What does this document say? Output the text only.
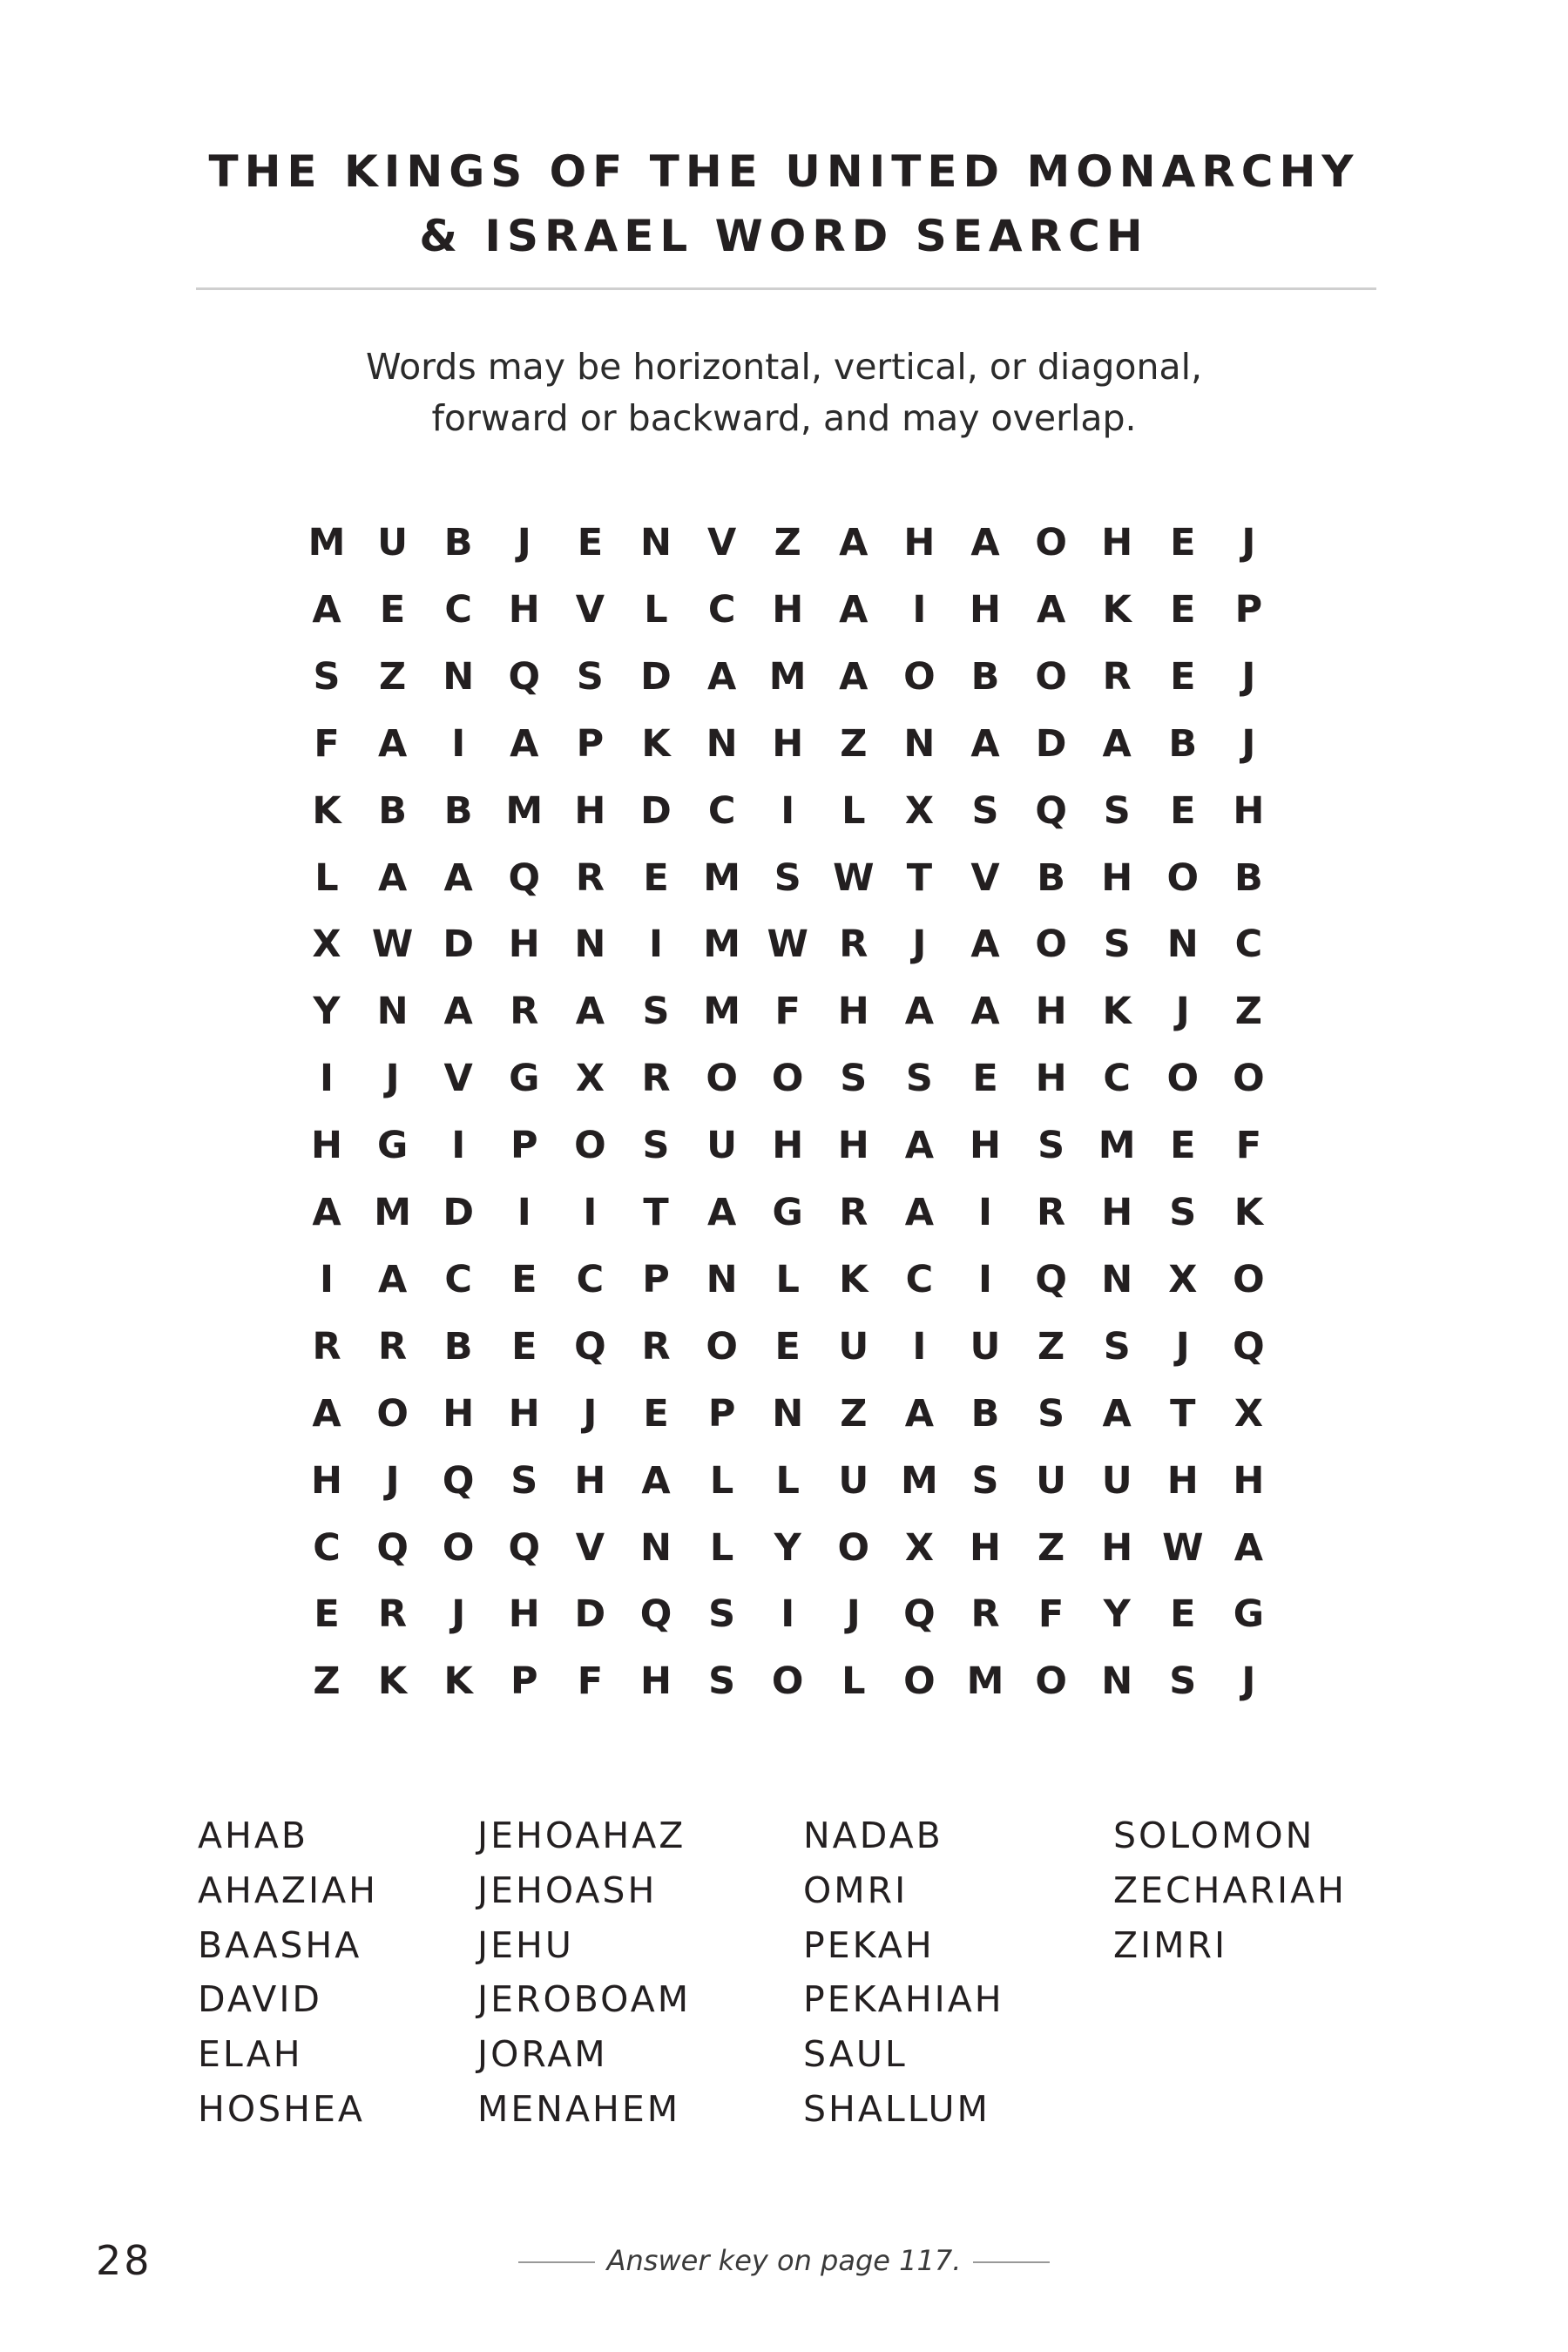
THE KINGS OF THE UNITED MONARCHY
& ISRAEL WORD SEARCH
Words may be horizontal, vertical, or diagonal,
forward or backward, and may overlap.
M U B	J	E N V	Z	A H A O H E	J
A	E	C H V	L	C H A	I	H A K	E	P
S	Z N Q S D A M A O B O R	E	J
F	A	I	A	P	K N H Z N A D A B	J
K B B M H D C	I	L	X	S Q S	E H
L	A A Q R	E M S W T	V B H O B
X W D H N	I	M W R	J	A O S N C
Y N A R A	S M F H A A H K	J	Z
I	J	V G X R O O S	S	E H C O O
H G	I	P O S U H H A H S M E	F
A M D	I	I	T	A G R A	I	R H S	K
I	A	C	E	C	P N	L	K	C	I	Q N X O
R R B	E Q R O E	U	I	U Z	S	J	Q
A O H H	J	E	P N Z	A B	S	A	T	X
H	J	Q S H A	L	L	U M S U U H H
C Q O Q V N	L	Y O X H Z H W A
E	R	J	H D Q S	I	J	Q R	F	Y	E	G
Z	K K	P	F H S O	L	O M O N S	J
AHAB
AHAZIAH
BAASHA
DAVID
ELAH
HOSHEA
JEHOAHAZ
JEHOASH
JEHU
JEROBOAM
JORAM
MENAHEM
NADAB
OMRI
PEKAH
PEKAHIAH
SAUL
SHALLUM
SOLOMON
ZECHARIAH
ZIMRI
28	Answer key on page 117.
